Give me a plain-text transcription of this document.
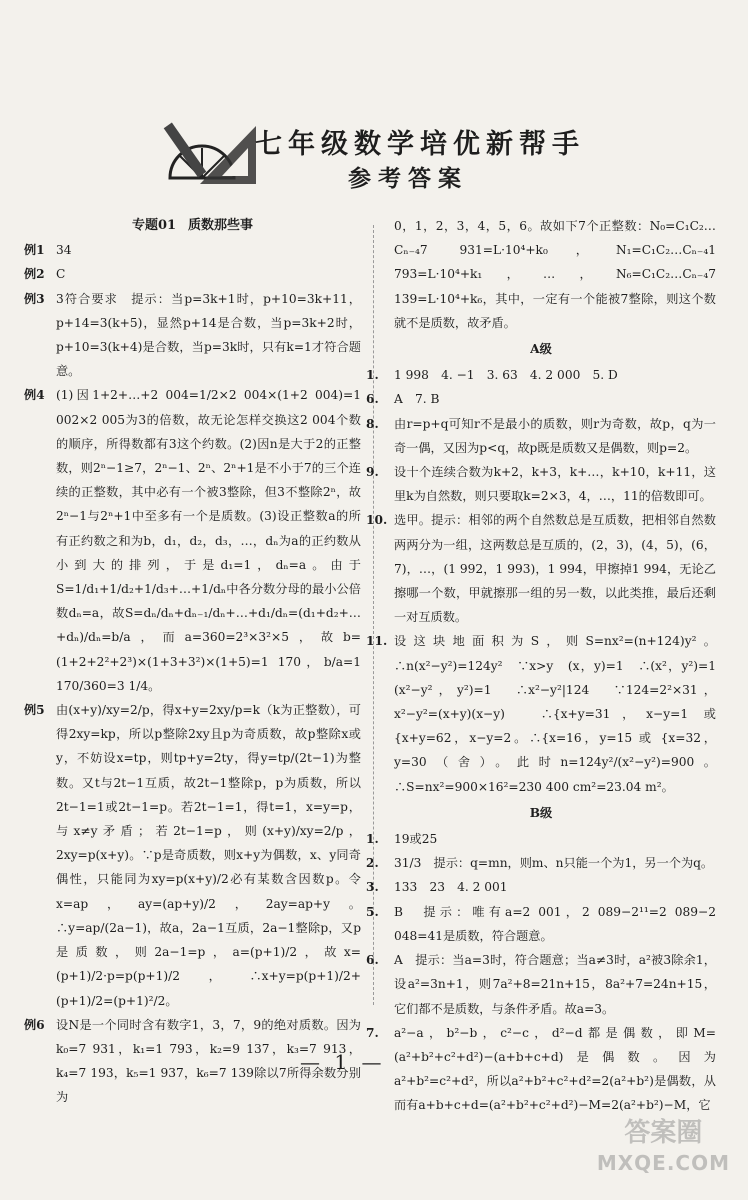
七年级数学培优新帮手
参考答案
专题01 质数那些事
例1 34
例2 C
例3 3符合要求　提示：当p=3k+1时，p+10=3k+11，p+14=3(k+5)，显然p+14是合数，当p=3k+2时，p+10=3(k+4)是合数，当p=3k时，只有k=1才符合题意。
例4 (1)因1+2+…+2 004=1/2×2 004×(1+2 004)=1 002×2 005为3的倍数，故无论怎样交换这2 004个数的顺序，所得数都有3这个约数。(2)因n是大于2的正整数，则2ⁿ−1≥7，2ⁿ−1、2ⁿ、2ⁿ+1是不小于7的三个连续的正整数，其中必有一个被3整除，但3不整除2ⁿ，故2ⁿ−1与2ⁿ+1中至多有一个是质数。(3)设正整数a的所有正约数之和为b，d₁，d₂，d₃，…，dₙ为a的正约数从小到大的排列，于是d₁=1，dₙ=a。由于S=1/d₁+1/d₂+1/d₃+…+1/dₙ中各分数分母的最小公倍数dₙ=a，故S=dₙ/dₙ+dₙ₋₁/dₙ+…+d₁/dₙ=(d₁+d₂+…+dₙ)/dₙ=b/a，而a=360=2³×3²×5，故b=(1+2+2²+2³)×(1+3+3²)×(1+5)=1 170，b/a=1 170/360=3 1/4。
例5 由(x+y)/xy=2/p，得x+y=2xy/p=k（k为正整数），可得2xy=kp，所以p整除2xy且p为奇质数，故p整除x或y，不妨设x=tp，则tp+y=2ty，得y=tp/(2t−1)为整数。又t与2t−1互质，故2t−1整除p，p为质数，所以2t−1=1或2t−1=p。若2t−1=1，得t=1，x=y=p，与x≠y矛盾；若2t−1=p，则(x+y)/xy=2/p，2xy=p(x+y)。∵p是奇质数，则x+y为偶数，x、y同奇偶性，只能同为xy=p(x+y)/2必有某数含因数p。令x=ap，ay=(ap+y)/2，2ay=ap+y。∴y=ap/(2a−1)，故a，2a−1互质，2a−1整除p，又p是质数，则2a−1=p，a=(p+1)/2，故x=(p+1)/2·p=p(p+1)/2，∴x+y=p(p+1)/2+(p+1)/2=(p+1)²/2。
例6 设N是一个同时含有数字1，3，7，9的绝对质数。因为k₀=7 931，k₁=1 793，k₂=9 137，k₃=7 913，k₄=7 193，k₅=1 937，k₆=7 139除以7所得余数分别为
0，1，2，3，4，5，6。故如下7个正整数：N₀=C₁C₂…Cₙ₋₄7 931=L·10⁴+k₀，N₁=C₁C₂…Cₙ₋₄1 793=L·10⁴+k₁，…，N₆=C₁C₂…Cₙ₋₄7 139=L·10⁴+k₆，其中，一定有一个能被7整除，则这个数就不是质数，故矛盾。
A级
1.	1 998　4. −1　3. 63　4. 2 000　5. D
6.	A　7. B
8.	由r=p+q可知r不是最小的质数，则r为奇数，故p，q为一奇一偶，又因为p<q，故p既是质数又是偶数，则p=2。
9.	设十个连续合数为k+2，k+3，k+…，k+10，k+11，这里k为自然数，则只要取k=2×3，4，…，11的倍数即可。
10. 选甲。提示：相邻的两个自然数总是互质数，把相邻自然数两两分为一组，这两数总是互质的，(2，3)，(4，5)，(6，7)，…，(1 992，1 993)，1 994，甲擦掉1 994，无论乙擦哪一个数，甲就擦那一组的另一数，以此类推，最后还剩一对互质数。
11. 设这块地面积为S，则S=nx²=(n+124)y²。∴n(x²−y²)=124y²　∵x>y　(x，y)=1　∴(x²，y²)=1　(x²−y²，y²)=1　∴x²−y²|124　∵124=2²×31，x²−y²=(x+y)(x−y)　∴{x+y=31，x−y=1 或 {x+y=62，x−y=2。∴{x=16，y=15 或 {x=32，y=30（舍）。此时n=124y²/(x²−y²)=900。∴S=nx²=900×16²=230 400 cm²=23.04 m²。
B级
1.	19或25
2.	31/3　提示：q=mn，则m、n只能一个为1，另一个为q。
3.	133　23　4. 2 001
5.	B　提示：唯有a=2 001，2 089−2¹¹=2 089−2 048=41是质数，符合题意。
6.	A　提示：当a=3时，符合题意；当a≠3时，a²被3除余1，设a²=3n+1，则7a²+8=21n+15，8a²+7=24n+15，它们都不是质数，与条件矛盾。故a=3。
7.	a²−a，b²−b，c²−c，d²−d都是偶数，即M=(a²+b²+c²+d²)−(a+b+c+d)是偶数。因为a²+b²=c²+d²，所以a²+b²+c²+d²=2(a²+b²)是偶数，从而有a+b+c+d=(a²+b²+c²+d²)−M=2(a²+b²)−M，它
— 1 —
答案圈
MXQE.COM
